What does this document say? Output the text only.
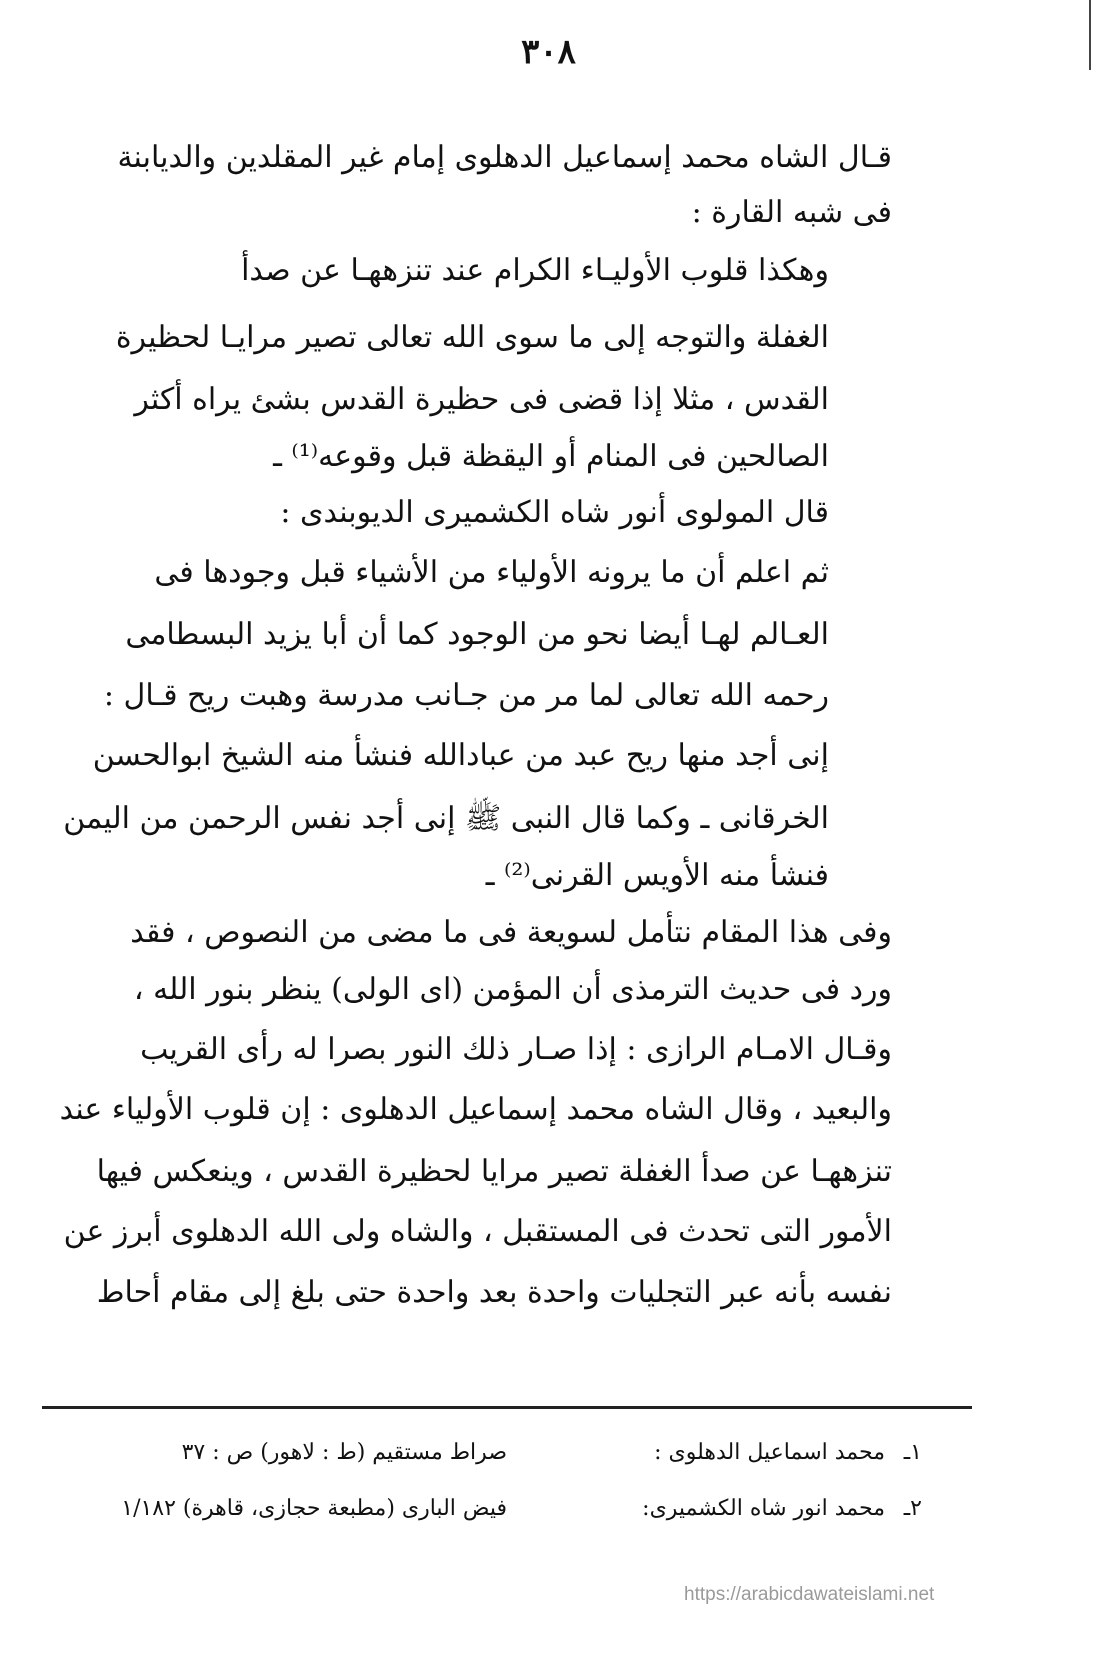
٣٠٨
قـال الشاه محمد إسماعيل الدهلوى إمام غير المقلدين والديابنة
فى شبه القارة :
وهكذا قلوب الأوليـاء الكرام عند تنزههـا عن صدأ
الغفلة والتوجه إلى ما سوى الله تعالى تصير مرايـا لحظيرة
القدس ، مثلا إذا قضى فى حظيرة القدس بشئ يراه أكثر
الصالحين فى المنام أو اليقظة قبل وقوعه⁽¹⁾ ـ
قال المولوى أنور شاه الكشميرى الديوبندى :
ثم اعلم أن ما يرونه الأولياء من الأشياء قبل وجودها فى
العـالم لهـا أيضا نحو من الوجود كما أن أبا يزيد البسطامى
رحمه الله تعالى لما مر من جـانب مدرسة وهبت ريح قـال :
إنى أجد منها ريح عبد من عبادالله فنشأ منه الشيخ ابوالحسن
الخرقانى ـ وكما قال النبى ﷺ إنى أجد نفس الرحمن من اليمن
فنشأ منه الأويس القرنى⁽²⁾ ـ
وفى هذا المقام نتأمل لسويعة فى ما مضى من النصوص ، فقد
ورد فى حديث الترمذى أن المؤمن (اى الولى) ينظر بنور الله ،
وقـال الامـام الرازى : إذا صـار ذلك النور بصرا له رأى القريب
والبعيد ، وقال الشاه محمد إسماعيل الدهلوى : إن قلوب الأولياء عند
تنزههـا عن صدأ الغفلة تصير مرايا لحظيرة القدس ، وينعكس فيها
الأمور التى تحدث فى المستقبل ، والشاه ولى الله الدهلوى أبرز عن
نفسه بأنه عبر التجليات واحدة بعد واحدة حتى بلغ إلى مقام أحاط
١ـ
محمد اسماعيل الدهلوى :
صراط مستقيم (ط : لاهور) ص : ٣٧
٢ـ
محمد انور شاه الكشميرى:
فيض البارى (مطبعة حجازى، قاهرة) ١/١٨٢
https://arabicdawateislami.net
